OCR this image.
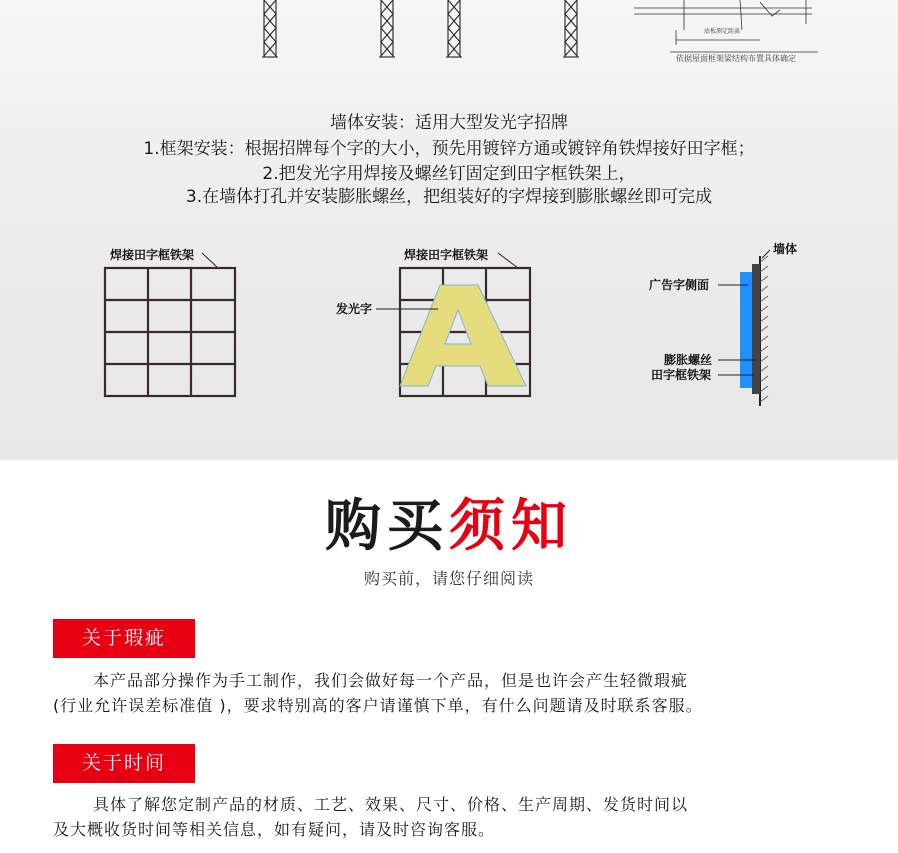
底板测定距离
依据屋面框架梁结构布置具体确定
墙体安装：适用大型发光字招牌
1.框架安装：根据招牌每个字的大小，预先用镀锌方通或镀锌角铁焊接好田字框；
2.把发光字用焊接及螺丝钉固定到田字框铁架上，
3.在墙体打孔并安装膨胀螺丝，把组装好的字焊接到膨胀螺丝即可完成
焊接田字框铁架	焊接田字框铁架
A
发光字
墙体
广告字侧面
膨胀螺丝
田字框铁架
购买须知
购买前，请您仔细阅读
关于瑕疵
本产品部分操作为手工制作，我们会做好每一个产品，但是也许会产生轻微瑕疵
(行业允许误差标准值 )，要求特别高的客户请谨慎下单，有什么问题请及时联系客服。
关于时间
具体了解您定制产品的材质、工艺、效果、尺寸、价格、生产周期、发货时间以
及大概收货时间等相关信息，如有疑问，请及时咨询客服。
